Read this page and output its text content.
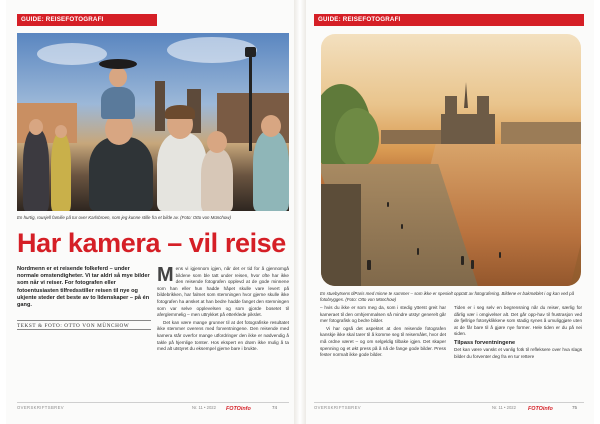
GUIDE: REISEFOTOGRAFI
En hurtig, rousjell familie på tur over Karlsbroen, som jeg kunne stille fra et bilde av. (Foto: Otto von Münchow)
Har kamera – vil reise
Nordmenn er et reisende folkeferd – under normale omstendigheter. Vi tar aldri så mye bilder som når vi reiser. For fotografen eller fotoentusiasten tilfredsstiller reisen til nye og ukjente steder det beste av to lidenskaper – på én gang.
TEKST & FOTO: OTTO VON MÜNCHOW
M ens vi igjennom igjen, når det er tid for å gjennomgå bildene som ble tatt under reisen, hvor ofte har ikke den reisende fotografen opplevd at de gode minnene som han eller hun hadde håpet skulle vare levert på bildebrikken, har falmet som stemningen hvor gjerne skulle ikke fotografen ha ønsket at han bedre hadde fanget den stemningen som var selve opplevelsen og som gjorde bosetet til aferglemmelig – men uttrykket på etterklede pikslet.
Det kan være mange grunner til at det fotografiske resultatet ikke stemmer overens med forventningene. Den reisende med kamera står overfor mange utfordringer den ikke er nødvendig å takle på hjemlige tomter. Hos ekspert en drøm ikke mulig å ta med alt utstyret du eksempel gjerne bare i brukte.
OVERSKRIFTSBREV	Nr. 11 • 2022 FOTOinfo	74
GUIDE: REISEFOTOGRAFI
En stuebytsens tilParis med minne te sammer – som ikke er spesielt opptatt av fotografering. Bildene er bakmøblet i og kan ved på fotobrygges. (Foto: Otto von Münchow)
– hvis du ikke er som meg da, som i stedig ytterst greit har kameraet til den omhjemmalsen så mindre utstyr generelt går mer fotografisk og bedre bilder.
Vi har også det aspektet at den reisende fotografen kanskje ikke skal tarer til å komme seg til reisemålet, hvor det må ordne været – og om selgeldig tilbake igjen. Det skaper spenning og et økt press på å nå de fange gode bilder. Press fester normalt ikke gode bilder.
Tiden er i seg selv en begrensning når du reiser, særlig for dårlig vær i omgivelser alt. Det går opp-hav til frustrasjon ved de fjellrige fotosyklikkene som stadig synes å umuliggjøre uten at de får bare til å gjøre nye former. Hele tiden er du på nei siden.
Tilpass forventningene
Det kan være vanskt et vanlig fotk til refleksere over hva slags bilder du forventer deg fra en tur rettere
OVERSKRIFTSBREV	Nr. 11 • 2022 FOTOinfo	75
